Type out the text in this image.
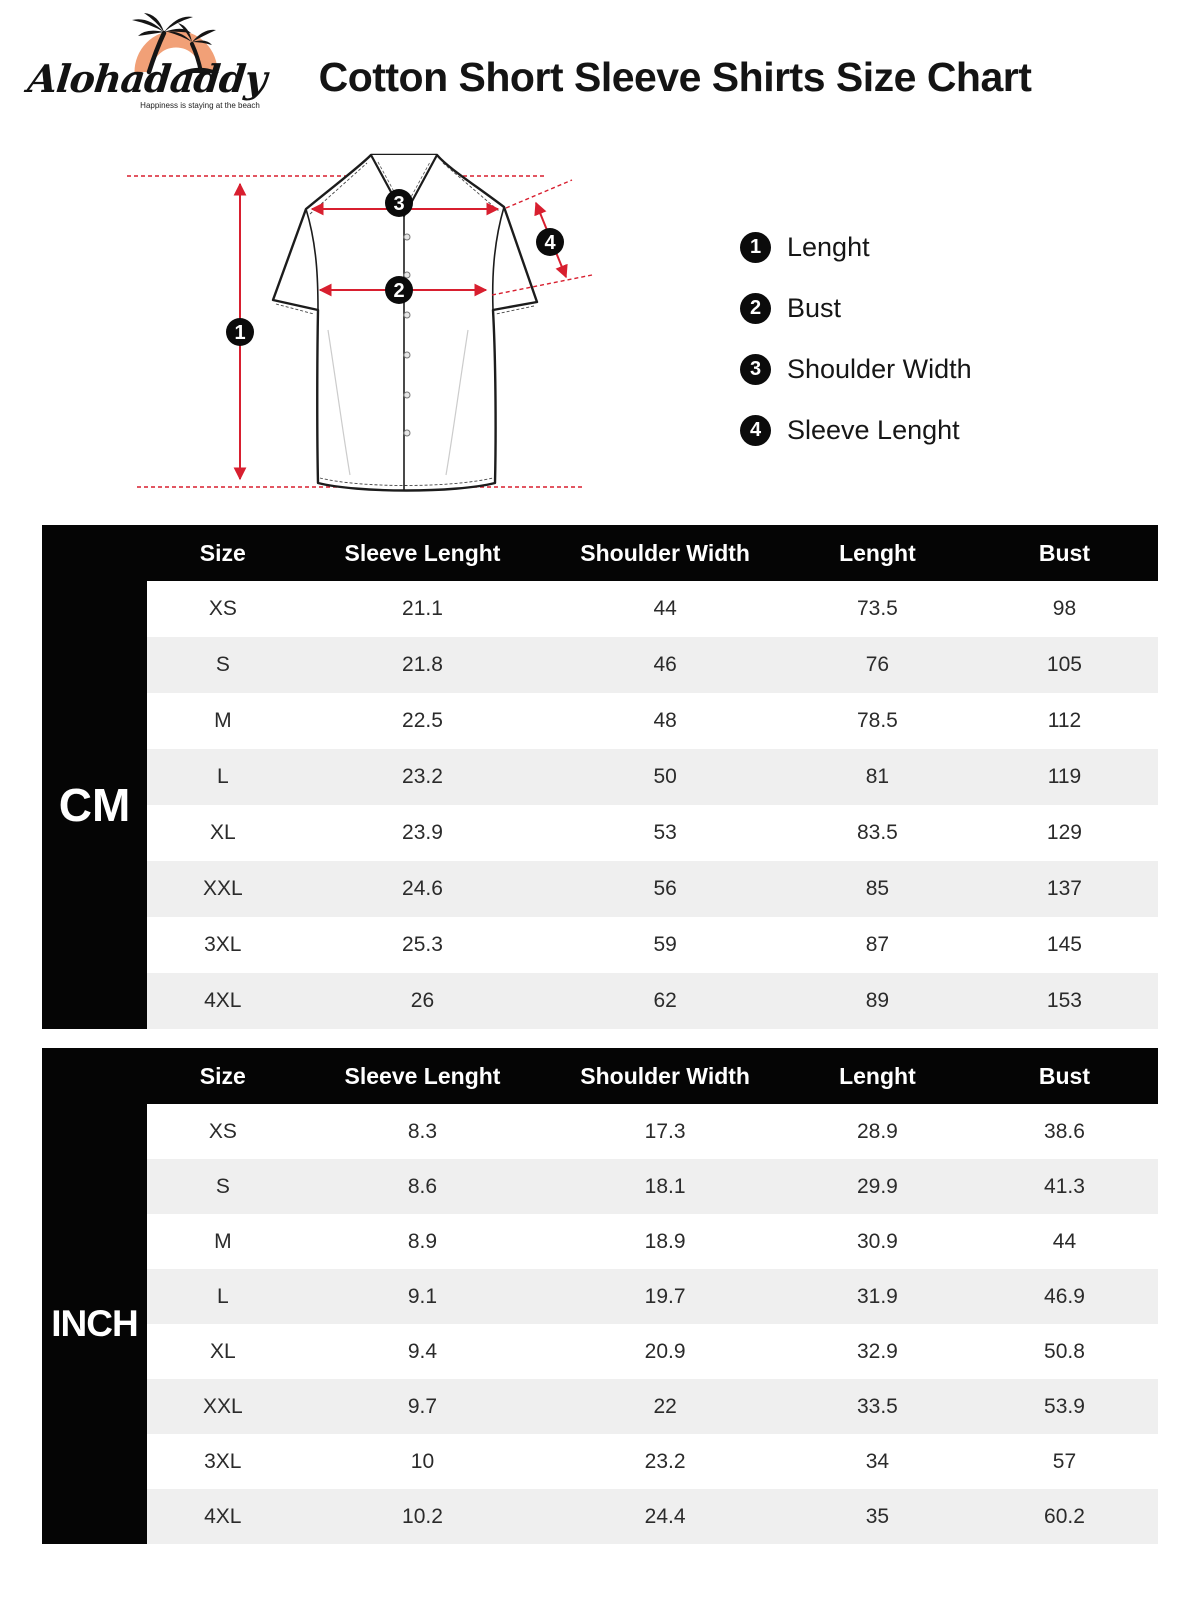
Alohadaddy
Happiness is staying at the beach
Cotton Short Sleeve Shirts Size Chart
1
2
3
4	1 Lenght
2 Bust
3 Shoulder Width
4 Sleeve Lenght
Size	Sleeve Lenght	Shoulder Width	Lenght	Bust
CM
XS	21.1	44	73.5	98
S	21.8	46	76	105
M	22.5	48	78.5	112
L	23.2	50	81	119
XL	23.9	53	83.5	129
XXL	24.6	56	85	137
3XL	25.3	59	87	145
4XL	26	62	89	153
Size	Sleeve Lenght	Shoulder Width	Lenght	Bust
INCH
XS	8.3	17.3	28.9	38.6
S	8.6	18.1	29.9	41.3
M	8.9	18.9	30.9	44
L	9.1	19.7	31.9	46.9
XL	9.4	20.9	32.9	50.8
XXL	9.7	22	33.5	53.9
3XL	10	23.2	34	57
4XL	10.2	24.4	35	60.2
